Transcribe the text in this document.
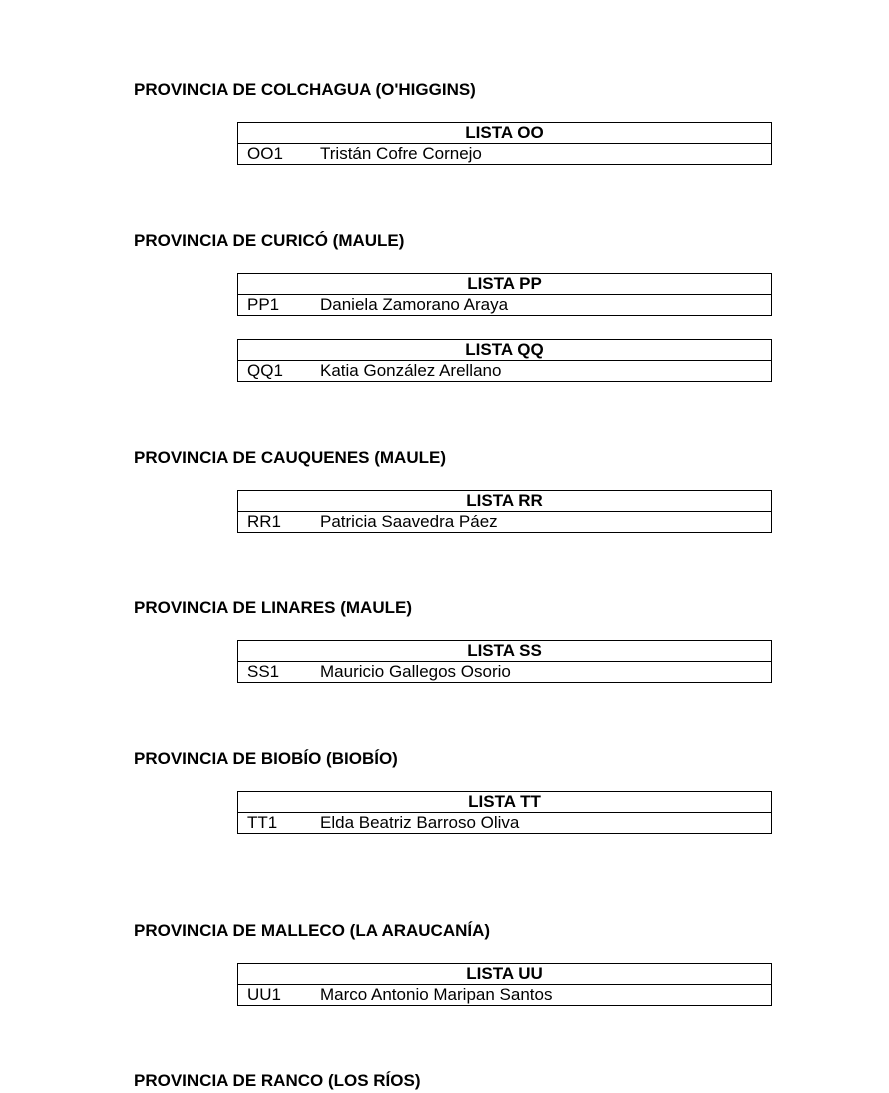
PROVINCIA DE COLCHAGUA (O'HIGGINS)
LISTA OO
OO1 Tristán Cofre Cornejo
PROVINCIA DE CURICÓ (MAULE)
LISTA PP
PP1 Daniela Zamorano Araya
LISTA QQ
QQ1 Katia González Arellano
PROVINCIA DE CAUQUENES (MAULE)
LISTA RR
RR1 Patricia Saavedra Páez
PROVINCIA DE LINARES (MAULE)
LISTA SS
SS1 Mauricio Gallegos Osorio
PROVINCIA DE BIOBÍO (BIOBÍO)
LISTA TT
TT1	Elda Beatriz Barroso Oliva
PROVINCIA DE MALLECO (LA ARAUCANÍA)
LISTA UU
UU1 Marco Antonio Maripan Santos
PROVINCIA DE RANCO (LOS RÍOS)
